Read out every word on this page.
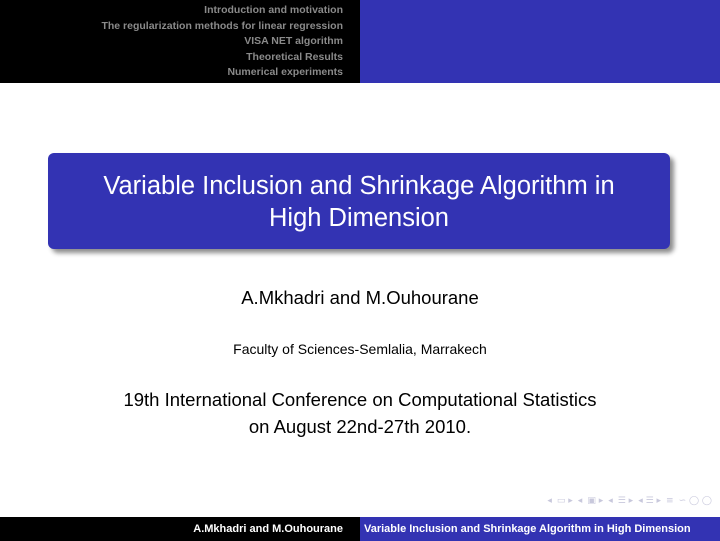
Introduction and motivation
The regularization methods for linear regression
VISA NET algorithm
Theoretical Results
Numerical experiments
Variable Inclusion and Shrinkage Algorithm in
High Dimension
A.Mkhadri and M.Ouhourane
Faculty of Sciences-Semlalia, Marrakech
19th International Conference on Computational Statistics
on August 22nd-27th 2010.
◂ ▭ ▸ ◂ ▣ ▸ ◂ ☰ ▸ ◂ ☰ ▸ ≡ ∽ ◯ ◯
A.Mkhadri and M.Ouhourane	Variable Inclusion and Shrinkage Algorithm in High Dimension
